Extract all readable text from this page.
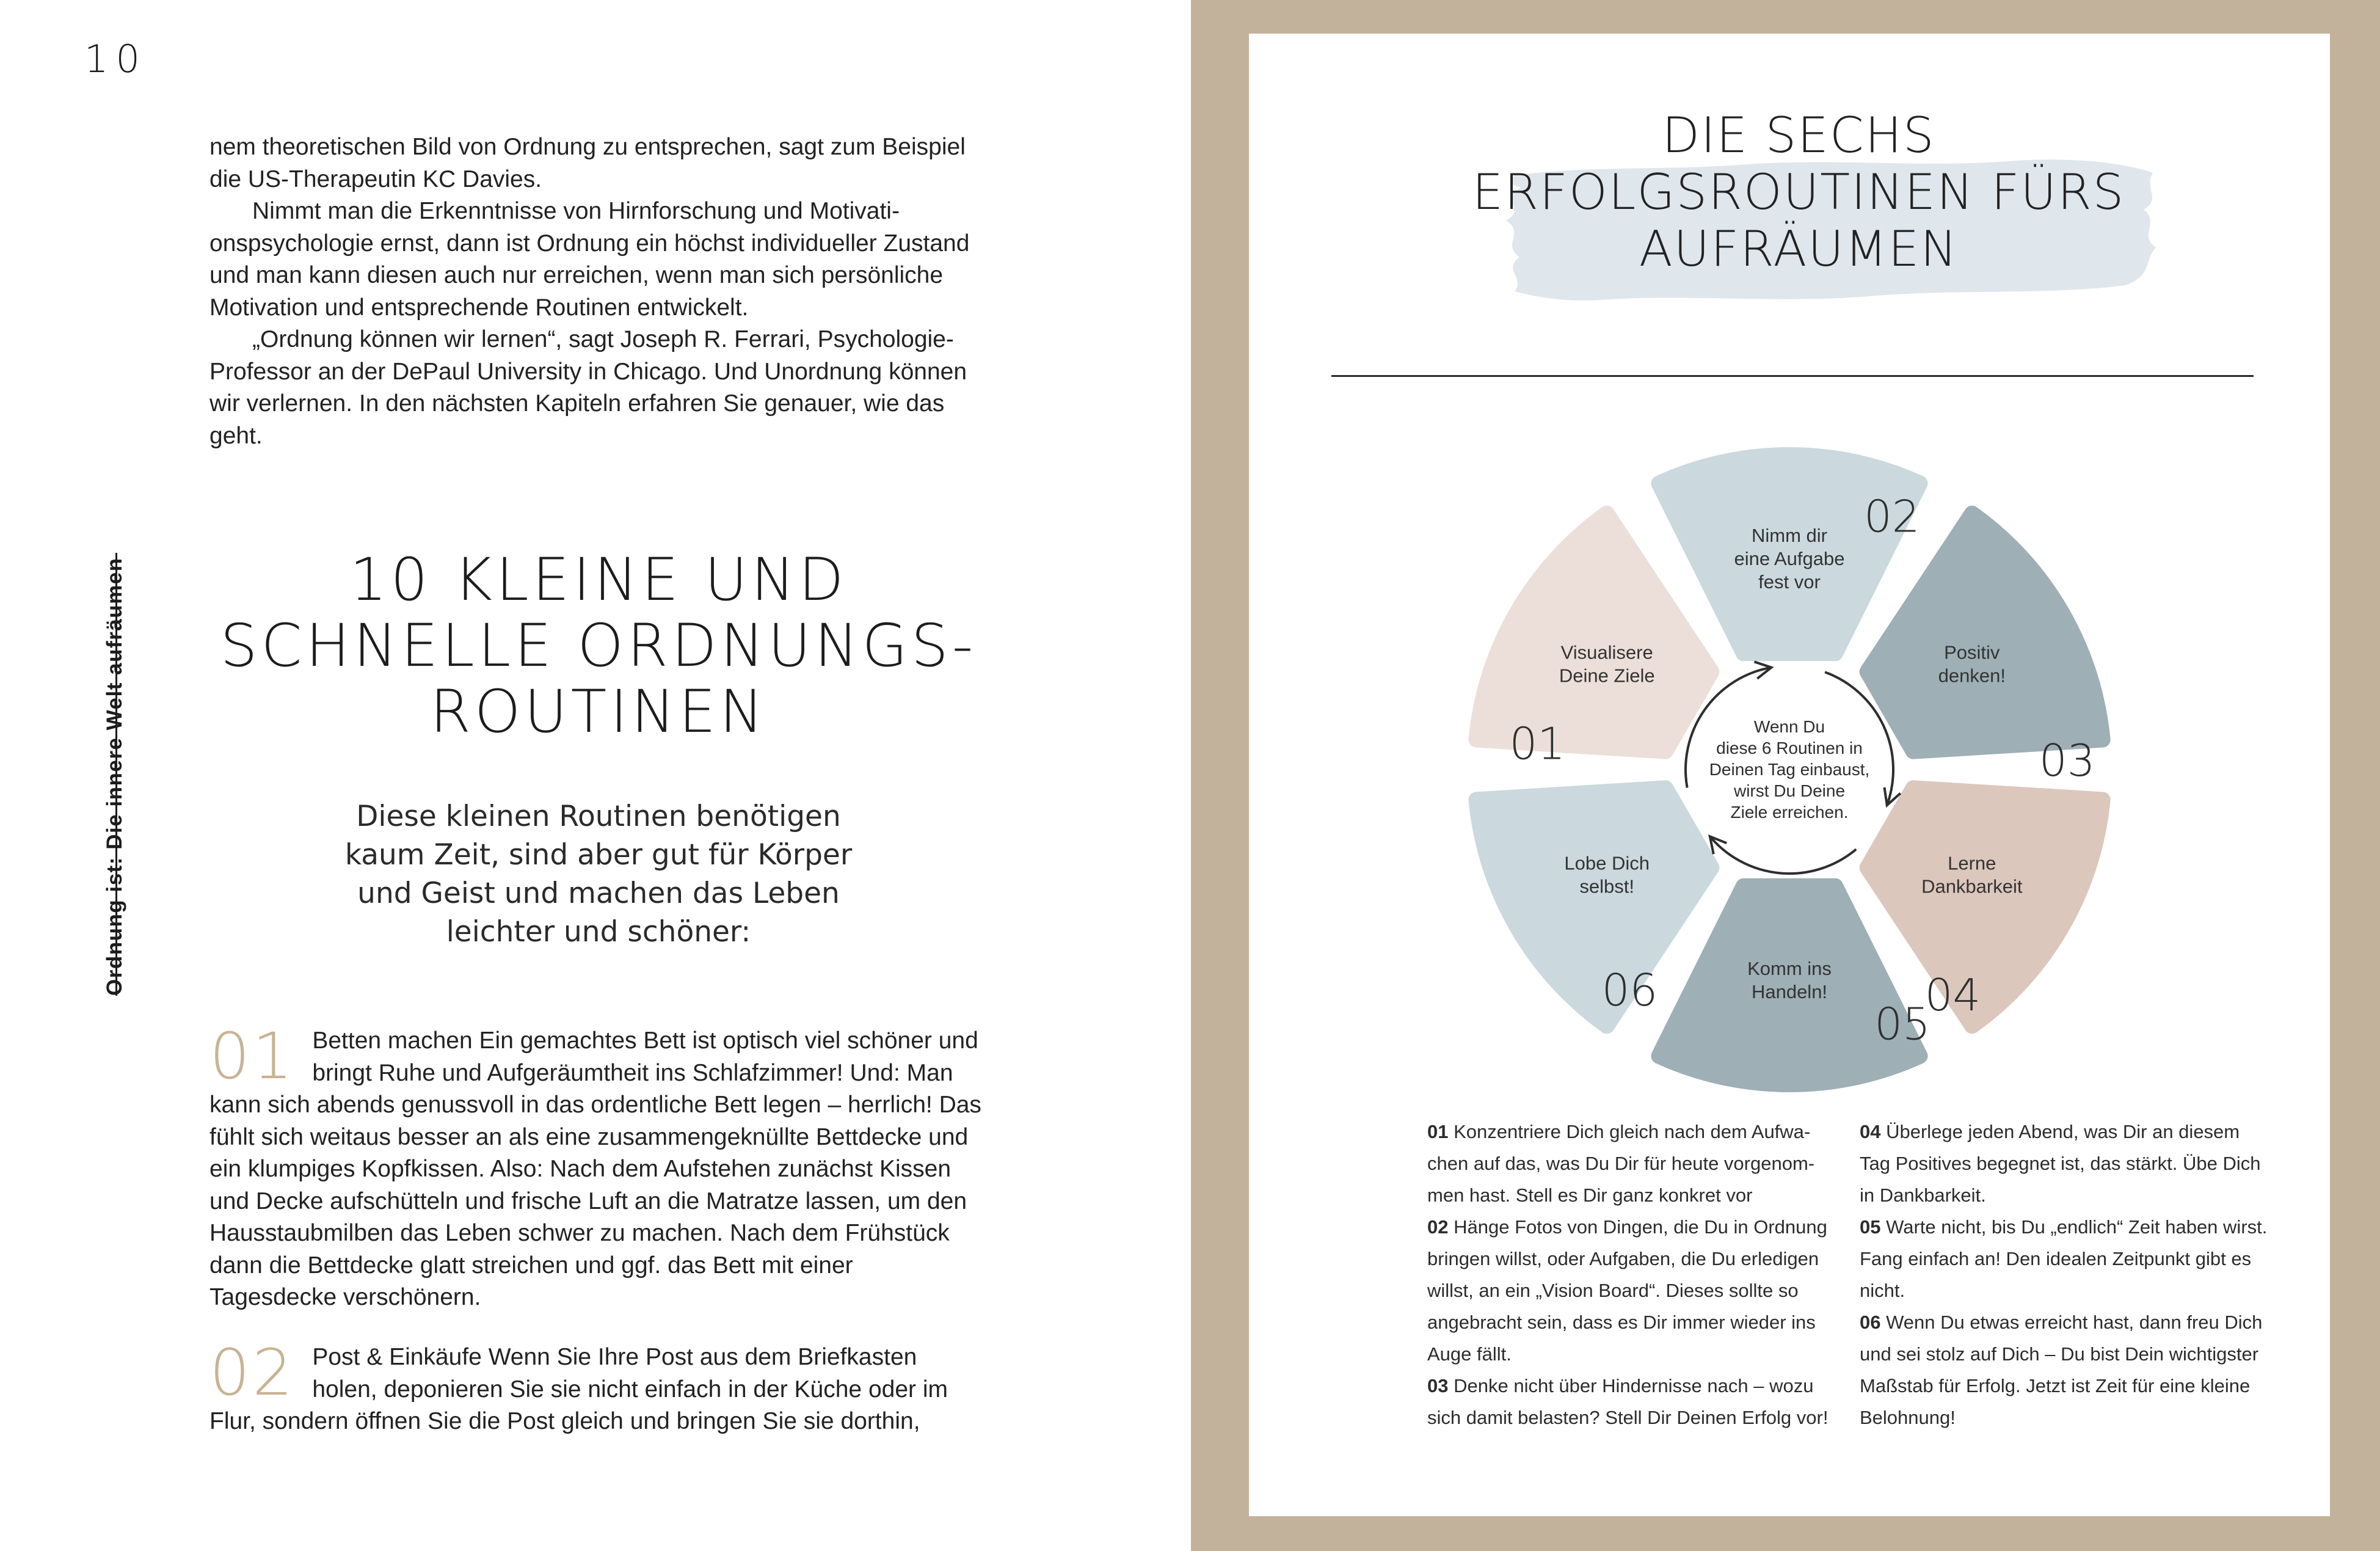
10
Ordnung ist: Die innere Welt aufräumen

nem theoretischen Bild von Ordnung zu entsprechen, sagt zum Beispiel die US-Therapeutin KC Davies.

Nimmt man die Erkenntnisse von Hirnforschung und Motivationspsychologie ernst, dann ist Ordnung ein höchst individueller Zustand und man kann diesen auch nur erreichen, wenn man sich persönliche Motivation und entsprechende Routinen entwickelt.

„Ordnung können wir lernen“, sagt Joseph R. Ferrari, Psychologie-Professor an der DePaul University in Chicago. Und Unordnung können wir verlernen. In den nächsten Kapiteln erfahren Sie genauer, wie das geht.

10 KLEINE UND
SCHNELLE ORDNUNGS-
ROUTINEN
Diese kleinen Routinen benötigen kaum Zeit, sind aber gut für Körper und Geist und machen das Leben leichter und schöner:
01 Betten machen Ein gemachtes Bett ist optisch viel schöner und bringt Ruhe und Aufgeräumtheit ins Schlafzimmer! Und: Man kann sich abends genussvoll in das ordentliche Bett legen – herrlich! Das fühlt sich weitaus besser an als eine zusammengeknüllte Bettdecke und ein klumpiges Kopfkissen. Also: Nach dem Aufstehen zunächst Kissen und Decke aufschütteln und frische Luft an die Matratze lassen, um den Hausstaubmilben das Leben schwer zu machen. Nach dem Frühstück dann die Bettdecke glatt streichen und ggf. das Bett mit einer Tagesdecke verschönern.
02 Post & Einkäufe Wenn Sie Ihre Post aus dem Briefkasten holen, deponieren Sie sie nicht einfach in der Küche oder im Flur, sondern öffnen Sie die Post gleich und bringen Sie sie dorthin,
DIE SECHS
ERFOLGSROUTINEN FÜRS
AUFRÄUMEN
Visualisere Deine Ziele
01
Nimm dir eine Aufgabe fest vor
02
Positiv denken!
03
Lerne Dankbarkeit
04
Komm ins Handeln!
05
Lobe Dich selbst!
06
Wenn Du diese 6 Routinen in Deinen Tag einbaust, wirst Du Deine Ziele erreichen.

01 Konzentriere Dich gleich nach dem Aufwachen auf das, was Du Dir für heute vorgenommen hast. Stell es Dir ganz konkret vor

02 Hänge Fotos von Dingen, die Du in Ordnung bringen willst, oder Aufgaben, die Du erledigen willst, an ein „Vision Board“. Dieses sollte so angebracht sein, dass es Dir immer wieder ins Auge fällt.

03 Denke nicht über Hindernisse nach – wozu sich damit belasten? Stell Dir Deinen Erfolg vor!

04 Überlege jeden Abend, was Dir an diesem Tag Positives begegnet ist, das stärkt. Übe Dich in Dankbarkeit.

05 Warte nicht, bis Du „endlich“ Zeit haben wirst. Fang einfach an! Den idealen Zeitpunkt gibt es nicht.

06 Wenn Du etwas erreicht hast, dann freu Dich und sei stolz auf Dich – Du bist Dein wichtigster Maßstab für Erfolg. Jetzt ist Zeit für eine kleine Belohnung!
